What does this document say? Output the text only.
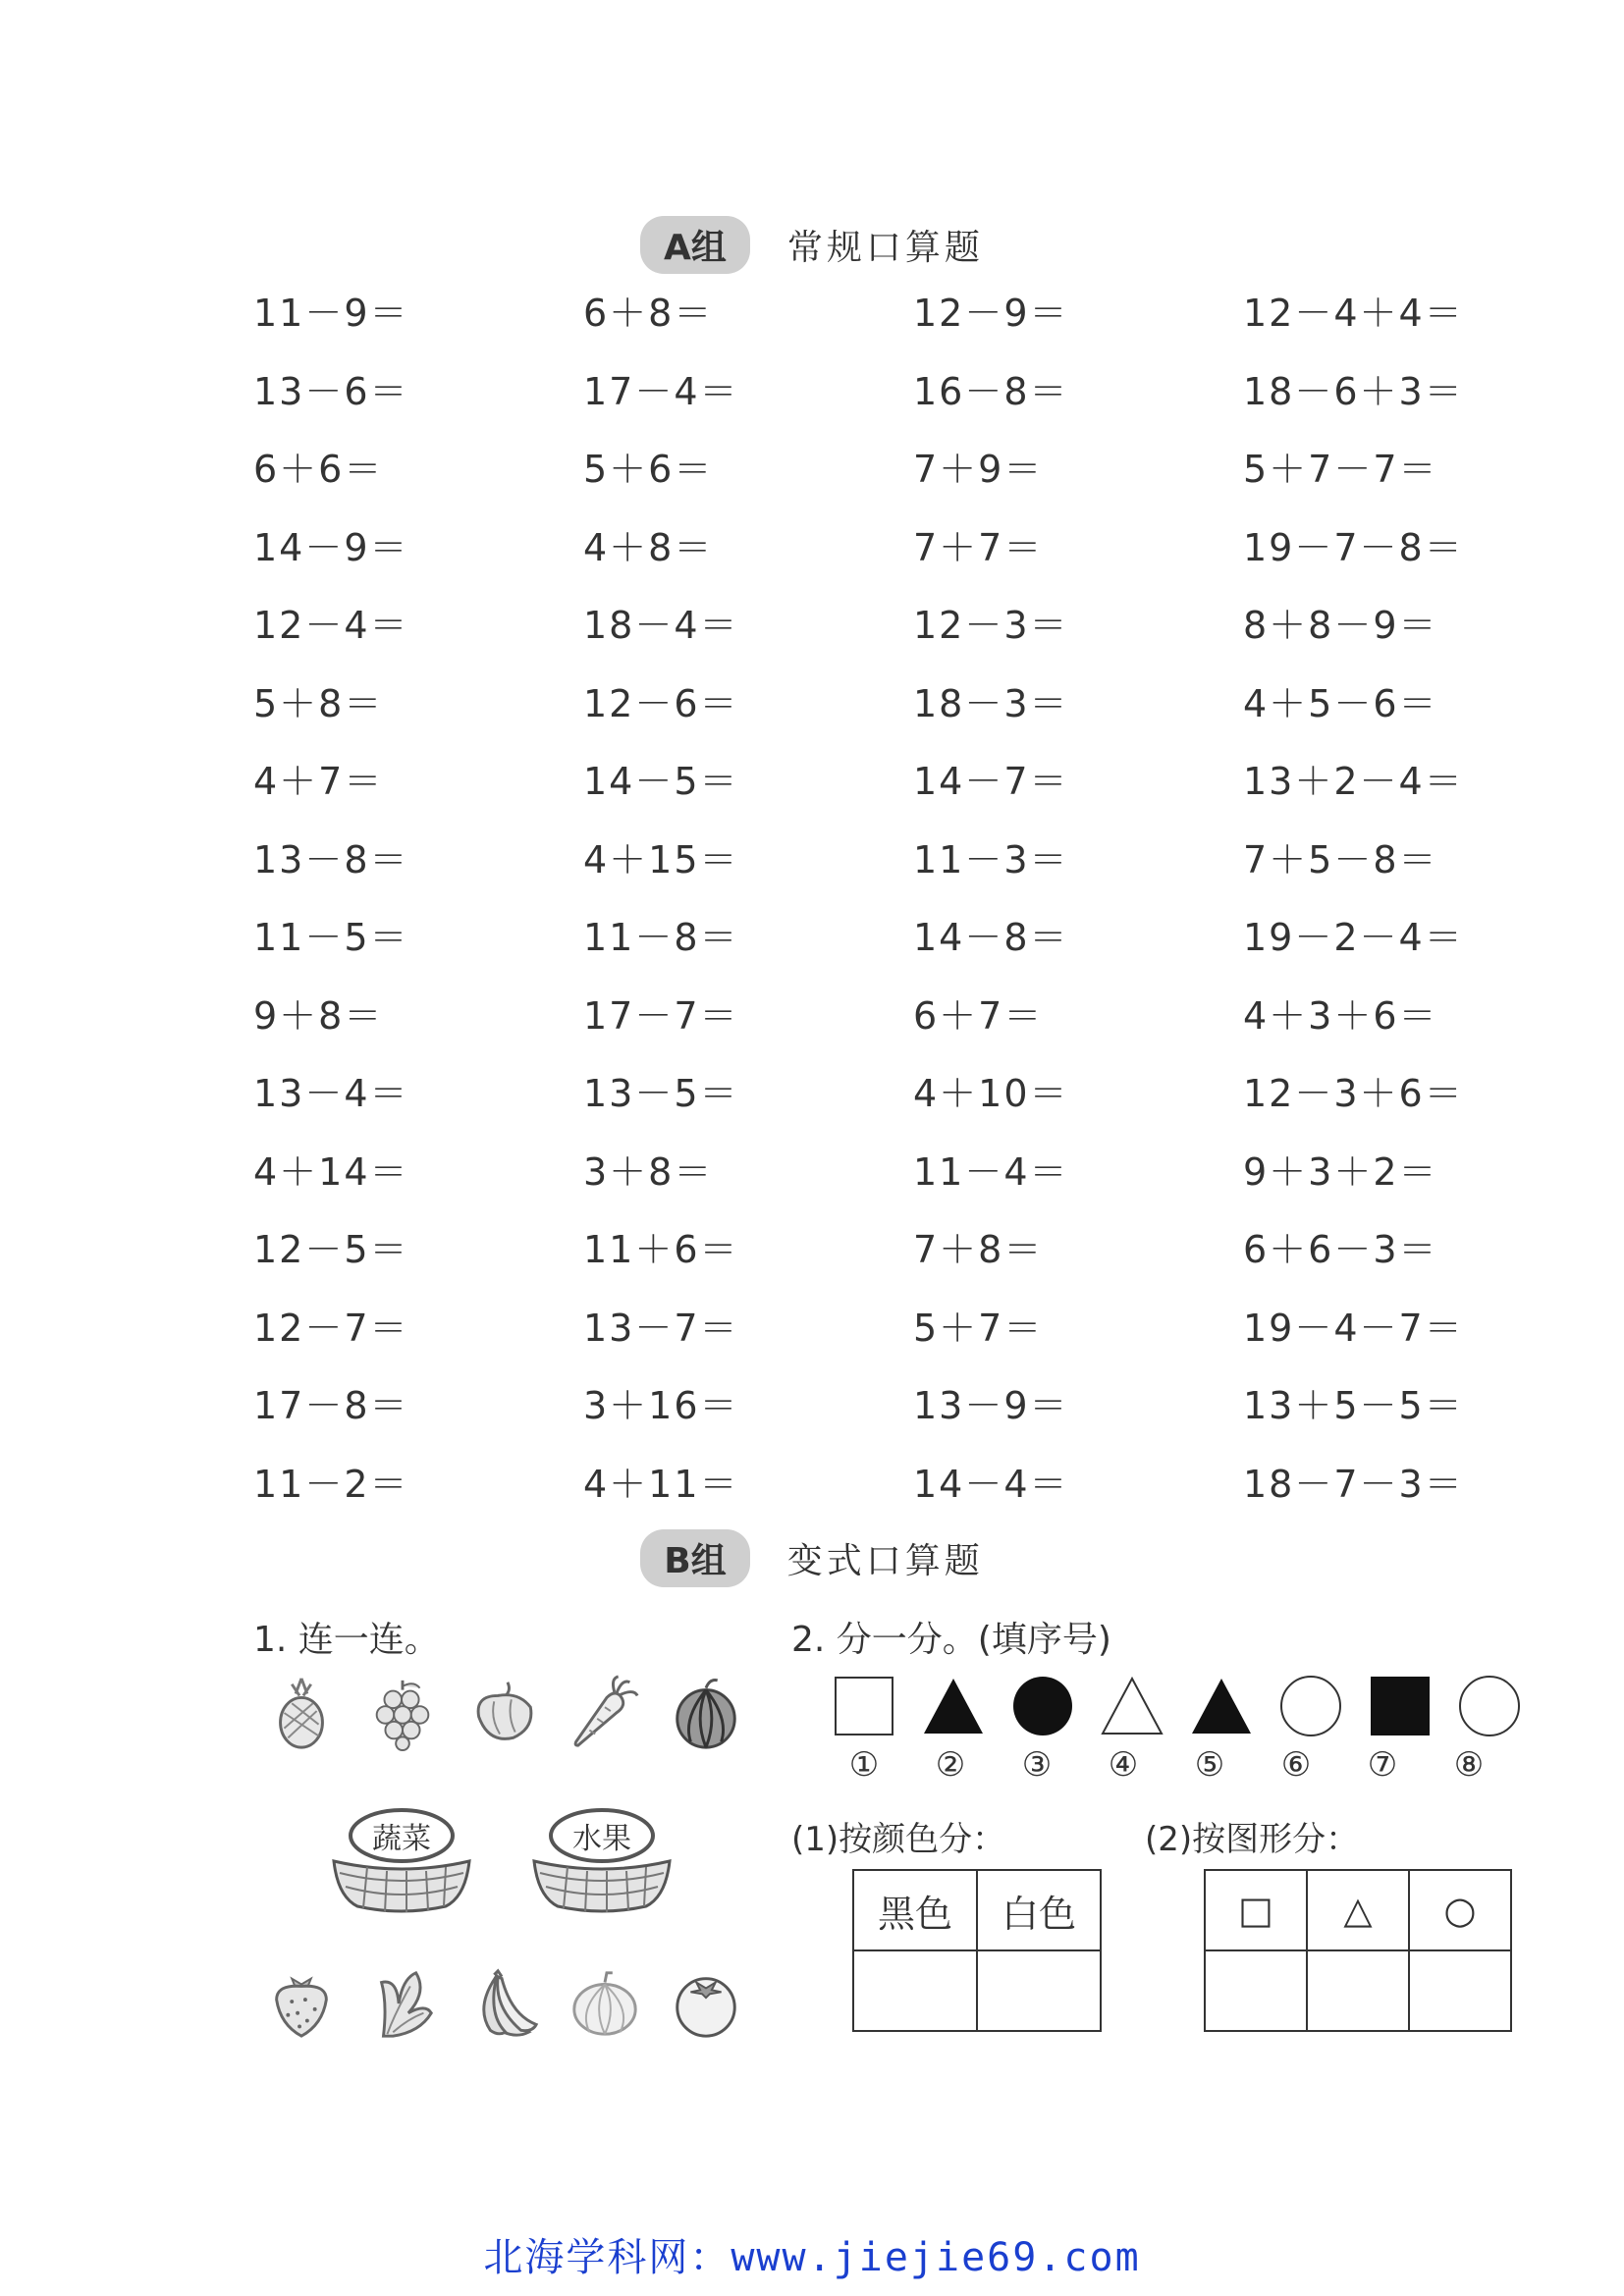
A组	常规口算题
11－9＝	6＋8＝	12－9＝	12－4＋4＝
13－6＝	17－4＝	16－8＝	18－6＋3＝
6＋6＝	5＋6＝	7＋9＝	5＋7－7＝
14－9＝	4＋8＝	7＋7＝	19－7－8＝
12－4＝	18－4＝	12－3＝	8＋8－9＝
5＋8＝	12－6＝	18－3＝	4＋5－6＝
4＋7＝	14－5＝	14－7＝	13＋2－4＝
13－8＝	4＋15＝	11－3＝	7＋5－8＝
11－5＝	11－8＝	14－8＝	19－2－4＝
9＋8＝	17－7＝	6＋7＝	4＋3＋6＝
13－4＝	13－5＝	4＋10＝	12－3＋6＝
4＋14＝	3＋8＝	11－4＝	9＋3＋2＝
12－5＝	11＋6＝	7＋8＝	6＋6－3＝
12－7＝	13－7＝	5＋7＝	19－4－7＝
17－8＝	3＋16＝	13－9＝	13＋5－5＝
11－2＝	4＋11＝	14－4＝	18－7－3＝
B组	变式口算题
1. 连一连。	2. 分一分。(填序号)
蔬菜	水果
① ② ③ ④ ⑤ ⑥ ⑦ ⑧
(1)按颜色分：	(2)按图形分：
黑色	白色
		□	△	○

北海学科网：www.jiejie69.com
